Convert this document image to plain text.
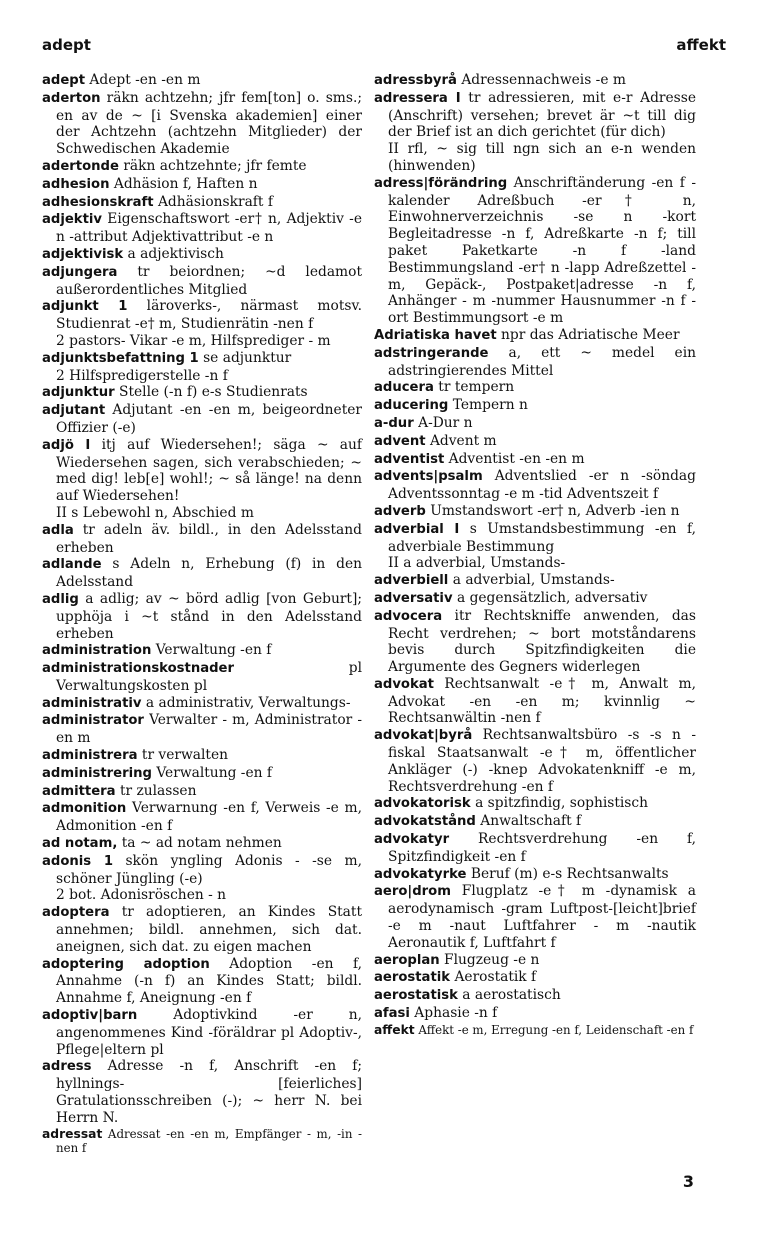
adept	affekt

adept Adept -en -en m

aderton räkn achtzehn; jfr fem[ton] o. sms.; en av de ~ [i Svenska akademien] einer der Achtzehn (achtzehn Mitglieder) der Schwedischen Akademie

adertonde räkn achtzehnte; jfr femte

adhesion Adhäsion f, Haften n

adhesionskraft Adhäsionskraft f

adjektiv Eigenschaftswort -er† n, Adjektiv -e n -attribut Adjektivattribut -e n

adjektivisk a adjektivisch

adjungera tr beiordnen; ~d ledamot außerordentliches Mitglied

adjunkt 1 läroverks-, närmast motsv. Studienrat -e† m, Studienrätin -nen f

2 pastors- Vikar -e m, Hilfsprediger - m

adjunktsbefattning 1 se adjunktur

2 Hilfspredigerstelle -n f

adjunktur Stelle (-n f) e-s Studienrats

adjutant Adjutant -en -en m, beigeordneter Offizier (-e)

adjö I itj auf Wiedersehen!; säga ~ auf Wiedersehen sagen, sich verabschieden; ~ med dig! leb[e] wohl!; ~ så länge! na denn auf Wiedersehen!

II s Lebewohl n, Abschied m

adla tr adeln äv. bildl., in den Adelsstand erheben

adlande s Adeln n, Erhebung (f) in den Adelsstand

adlig a adlig; av ~ börd adlig [von Geburt]; upphöja i ~t stånd in den Adelsstand erheben

administration Verwaltung -en f

administrationskostnader	pl Verwaltungskosten pl

administrativ a administrativ, Verwaltungs-

administrator Verwalter - m, Administrator -en m

administrera tr verwalten

administrering Verwaltung -en f

admittera tr zulassen

admonition Verwarnung -en f, Verweis -e m, Admonition -en f

ad notam, ta ~ ad notam nehmen

adonis 1 skön yngling Adonis - -se m, schöner Jüngling (-e)

2 bot. Adonisröschen - n

adoptera tr adoptieren, an Kindes Statt annehmen; bildl. annehmen, sich dat. aneignen, sich dat. zu eigen machen

adoptering adoption Adoption -en f, Annahme (-n f) an Kindes Statt; bildl. Annahme f, Aneignung -en f

adoptiv|barn	Adoptivkind -er n, angenommenes Kind -föräldrar pl Adoptiv-, Pflege|eltern pl

adress Adresse -n f, Anschrift -en f; hyllnings- [feierliches] Gratulationsschreiben (-); ~ herr N. bei Herrn N.

adressat Adressat -en -en m, Empfänger - m, -in -nen f

adressbyrå Adressennachweis -e m

adressera I tr adressieren, mit e-r Adresse (Anschrift) versehen; brevet är ~t till dig der Brief ist an dich gerichtet (für dich)

II rfl, ~ sig till ngn sich an e-n wenden (hinwenden)

adress|förändring Anschriftänderung -en f -kalender Adreßbuch -er† n, Einwohnerverzeichnis -se n -kort Begleitadresse -n f, Adreßkarte -n f; till paket Paketkarte -n f -land Bestimmungsland -er† n -lapp Adreßzettel - m, Gepäck-, Postpaket|adresse -n f, Anhänger - m -nummer Hausnummer -n f -ort Bestimmungsort -e m

Adriatiska havet npr das Adriatische Meer

adstringerande a, ett ~ medel ein adstringierendes Mittel

aducera tr tempern

aducering Tempern n

a-dur A-Dur n

advent Advent m

adventist Adventist -en -en m

advents|psalm Adventslied -er n -söndag Adventssonntag -e m -tid Adventszeit f

adverb Umstandswort -er† n, Adverb -ien n

adverbial I s Umstandsbestimmung -en f, adverbiale Bestimmung

II a adverbial, Umstands-

adverbiell a adverbial, Umstands-

adversativ a gegensätzlich, adversativ

advocera itr Rechtskniffe anwenden, das Recht verdrehen; ~ bort motståndarens bevis durch Spitzfindigkeiten die Argumente des Gegners widerlegen

advokat Rechtsanwalt -e† m, Anwalt m, Advokat -en -en m; kvinnlig ~ Rechtsanwältin -nen f

advokat|byrå Rechtsanwaltsbüro -s -s n -fiskal Staatsanwalt -e† m, öffentlicher Ankläger (-) -knep Advokatenkniff -e m, Rechtsverdrehung -en f

advokatorisk a spitzfindig, sophistisch

advokatstånd Anwaltschaft f

advokatyr Rechtsverdrehung -en f, Spitzfindigkeit -en f

advokatyrke Beruf (m) e-s Rechtsanwalts

aero|drom Flugplatz -e† m -dynamisk a aerodynamisch -gram Luftpost-[leicht]brief -e m -naut Luftfahrer - m -nautik Aeronautik f, Luftfahrt f

aeroplan Flugzeug -e n

aerostatik Aerostatik f

aerostatisk a aerostatisch

afasi Aphasie -n f

affekt Affekt -e m, Erregung -en f, Leidenschaft -en f

3
